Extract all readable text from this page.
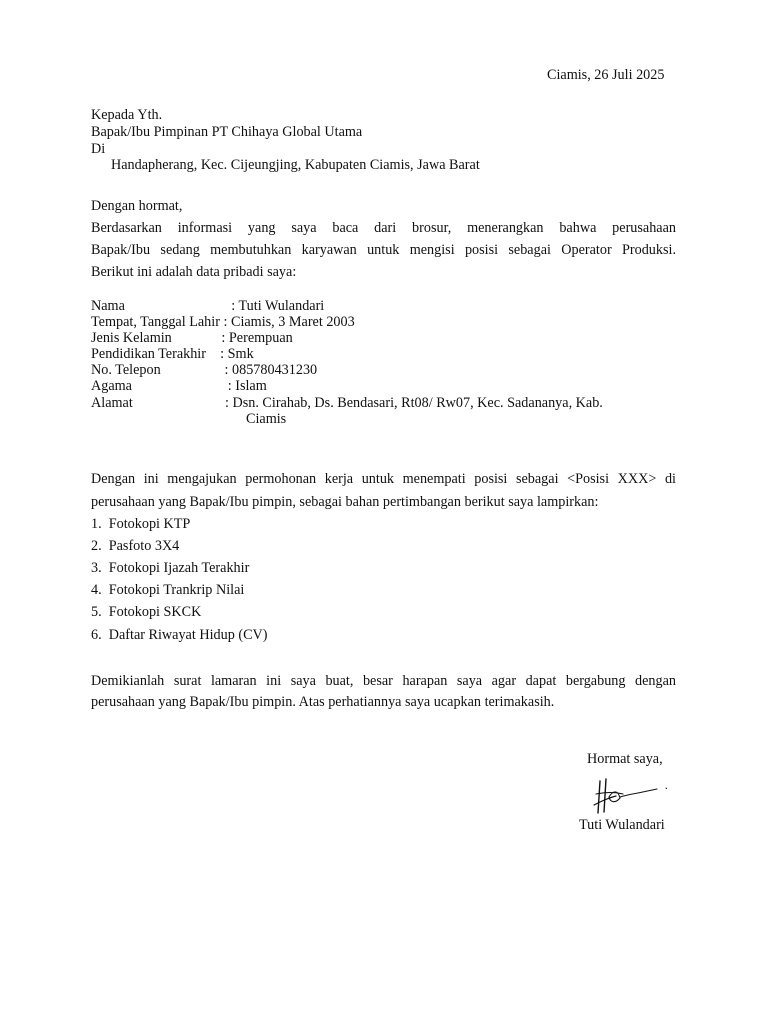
Ciamis, 26 Juli 2025
Kepada Yth.
Bapak/Ibu Pimpinan PT Chihaya Global Utama
Di
Handapherang, Kec. Cijeungjing, Kabupaten Ciamis, Jawa Barat
Dengan hormat,
Berdasarkan informasi yang saya baca dari brosur, menerangkan bahwa perusahaan
Bapak/Ibu sedang membutuhkan karyawan untuk mengisi posisi sebagai Operator Produksi.
Berikut ini adalah data pribadi saya:
Nama                              : Tuti Wulandari
Tempat, Tanggal Lahir : Ciamis, 3 Maret 2003
Jenis Kelamin              : Perempuan
Pendidikan Terakhir    : Smk
No. Telepon                  : 085780431230
Agama                           : Islam
Alamat                          : Dsn. Cirahab, Ds. Bendasari, Rt08/ Rw07, Kec. Sadananya, Kab.
Ciamis
Dengan ini mengajukan permohonan kerja untuk menempati posisi sebagai <Posisi XXX> di
perusahaan yang Bapak/Ibu pimpin, sebagai bahan pertimbangan berikut saya lampirkan:
1.  Fotokopi KTP
2.  Pasfoto 3X4
3.  Fotokopi Ijazah Terakhir
4.  Fotokopi Trankrip Nilai
5.  Fotokopi SKCK
6.  Daftar Riwayat Hidup (CV)
Demikianlah surat lamaran ini saya buat, besar harapan saya agar dapat bergabung dengan
perusahaan yang Bapak/Ibu pimpin. Atas perhatiannya saya ucapkan terimakasih.
Hormat saya,
Tuti Wulandari
